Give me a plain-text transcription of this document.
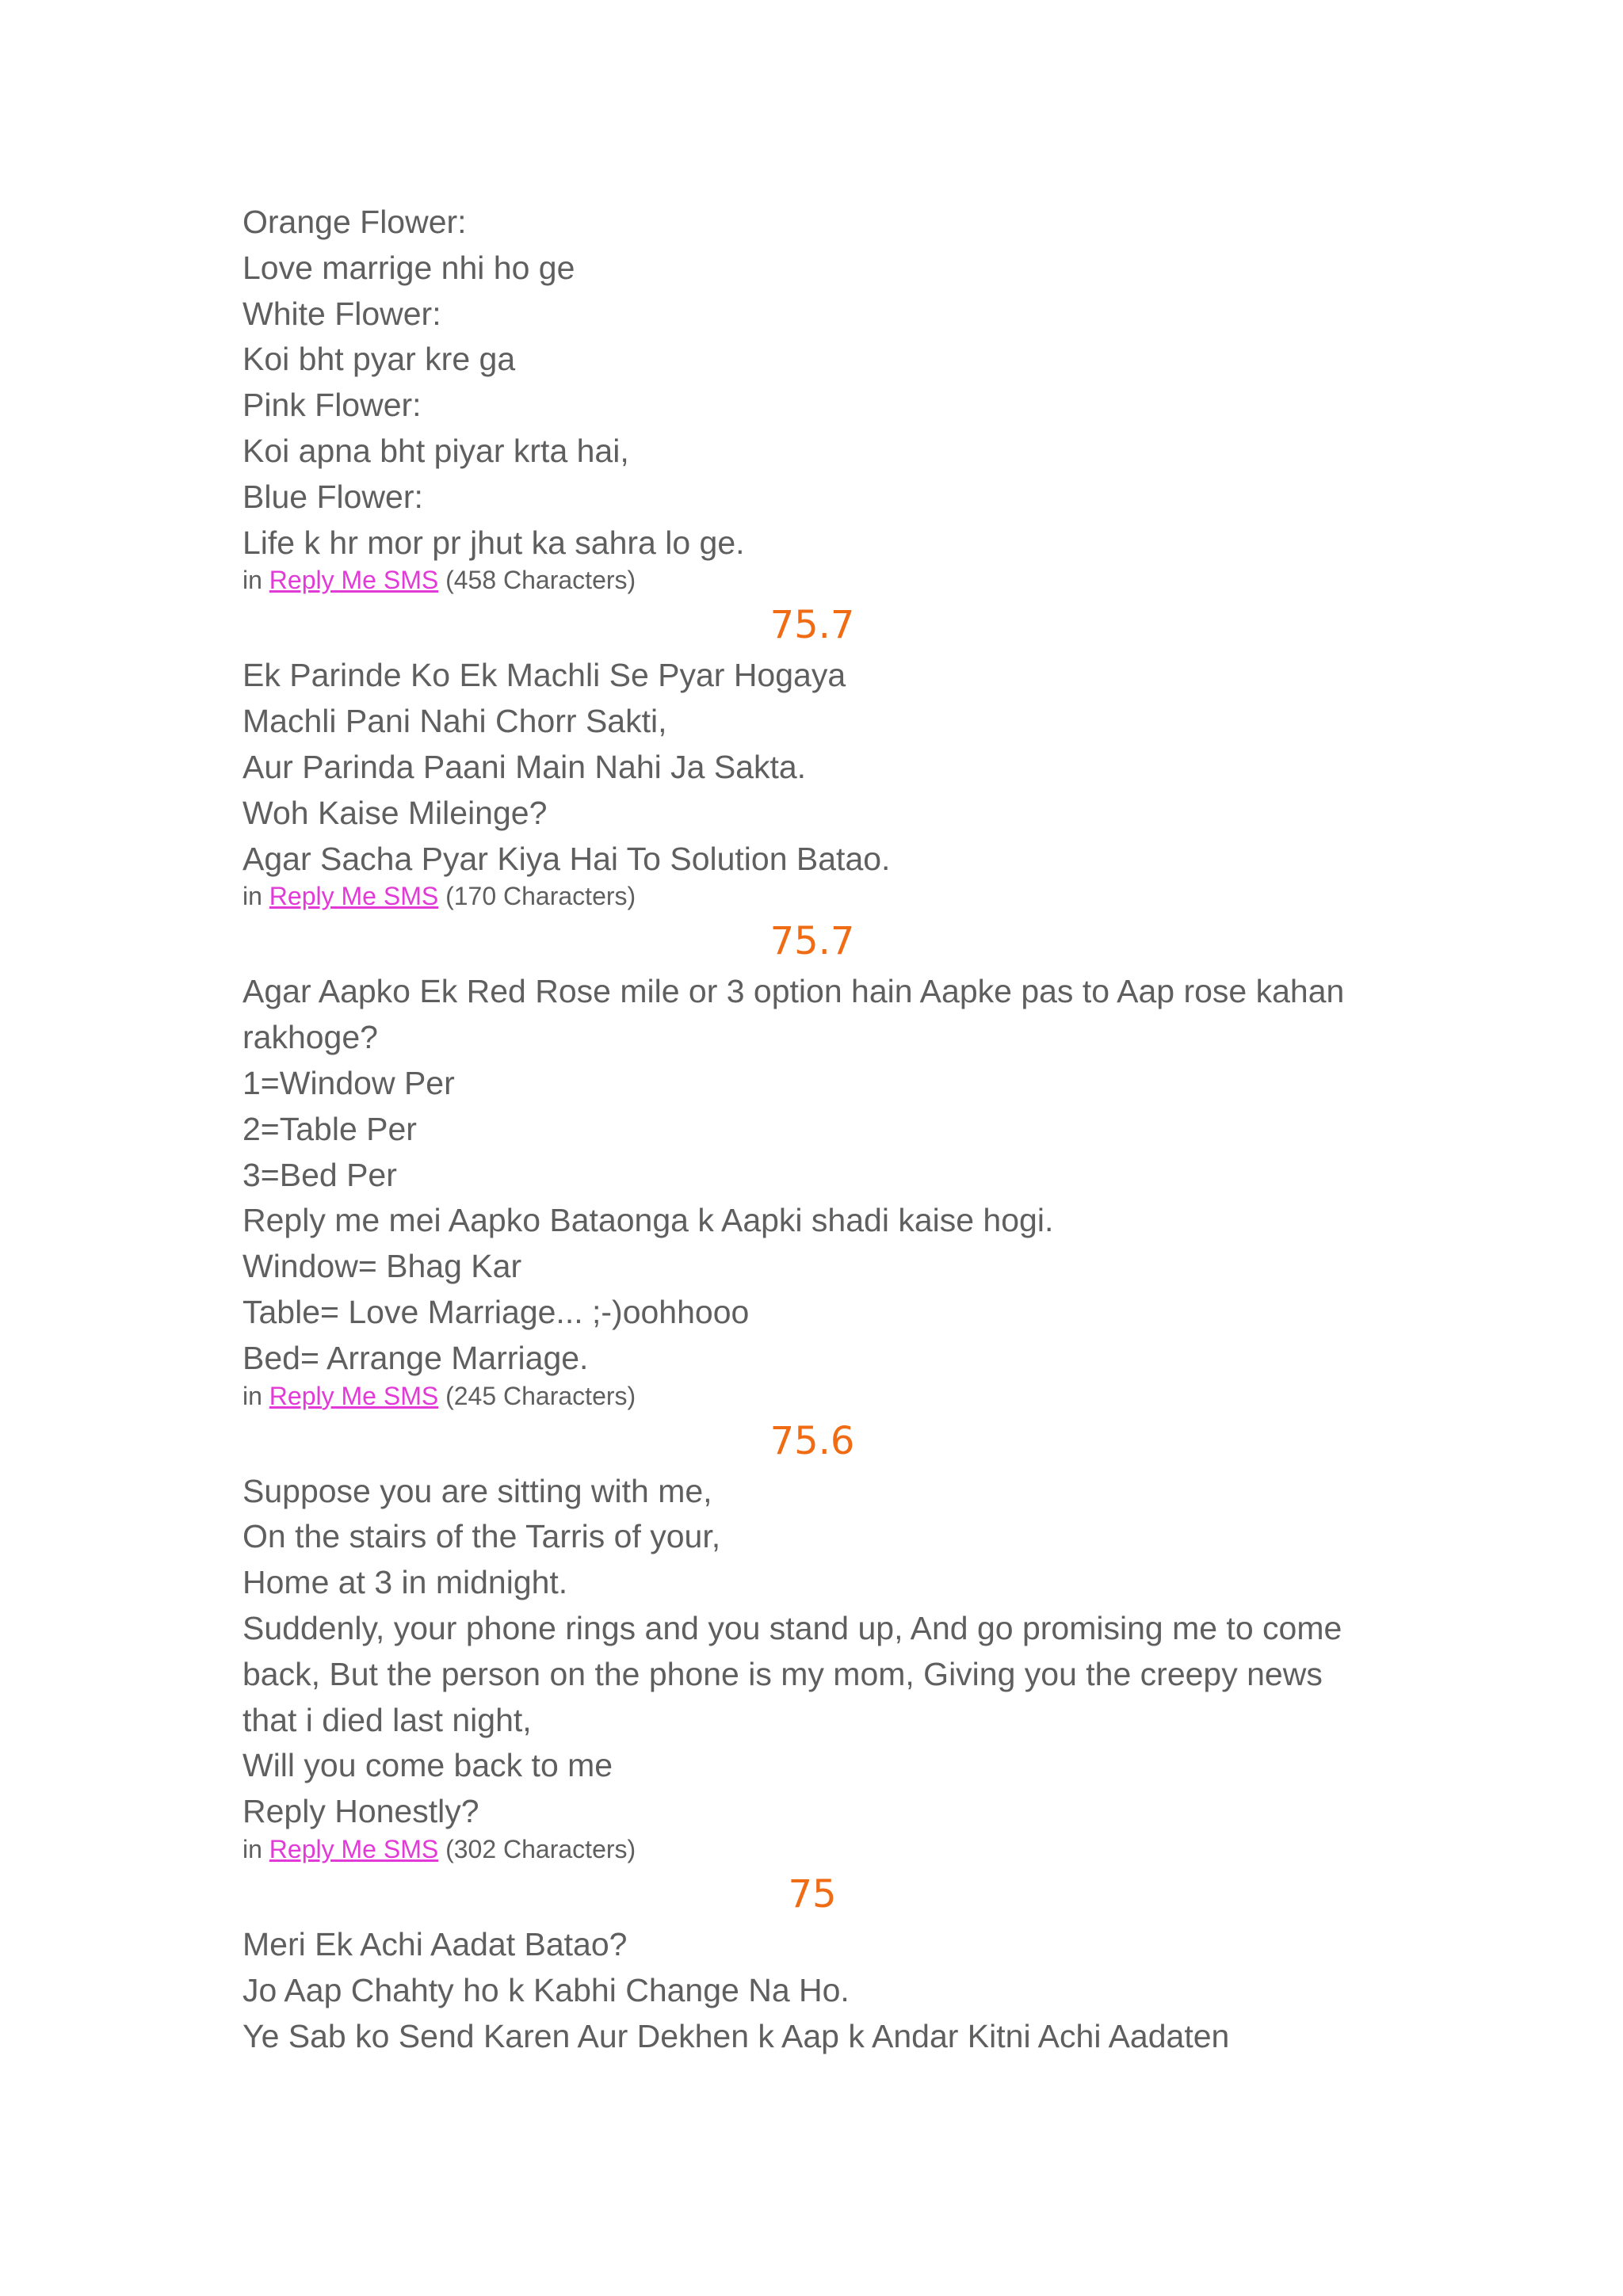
Orange Flower:
Love marrige nhi ho ge
White Flower:
Koi bht pyar kre ga
Pink Flower:
Koi apna bht piyar krta hai,
Blue Flower:
Life k hr mor pr jhut ka sahra lo ge.
in Reply Me SMS (458 Characters)
75.7
Ek Parinde Ko Ek Machli Se Pyar Hogaya
Machli Pani Nahi Chorr Sakti,
Aur Parinda Paani Main Nahi Ja Sakta.
Woh Kaise Mileinge?
Agar Sacha Pyar Kiya Hai To Solution Batao.
in Reply Me SMS (170 Characters)
75.7
Agar Aapko Ek Red Rose mile or 3 option hain Aapke pas to Aap rose kahan rakhoge?
1=Window Per
2=Table Per
3=Bed Per
Reply me mei Aapko Bataonga k Aapki shadi kaise hogi.
Window= Bhag Kar
Table= Love Marriage... ;-)oohhooo
Bed= Arrange Marriage.
in Reply Me SMS (245 Characters)
75.6
Suppose you are sitting with me,
On the stairs of the Tarris of your,
Home at 3 in midnight.
Suddenly, your phone rings and you stand up, And go promising me to come back, But the person on the phone is my mom, Giving you the creepy news that i died last night,
Will you come back to me
Reply Honestly?
in Reply Me SMS (302 Characters)
75
Meri Ek Achi Aadat Batao?
Jo Aap Chahty ho k Kabhi Change Na Ho.
Ye Sab ko Send Karen Aur Dekhen k Aap k Andar Kitni Achi Aadaten
